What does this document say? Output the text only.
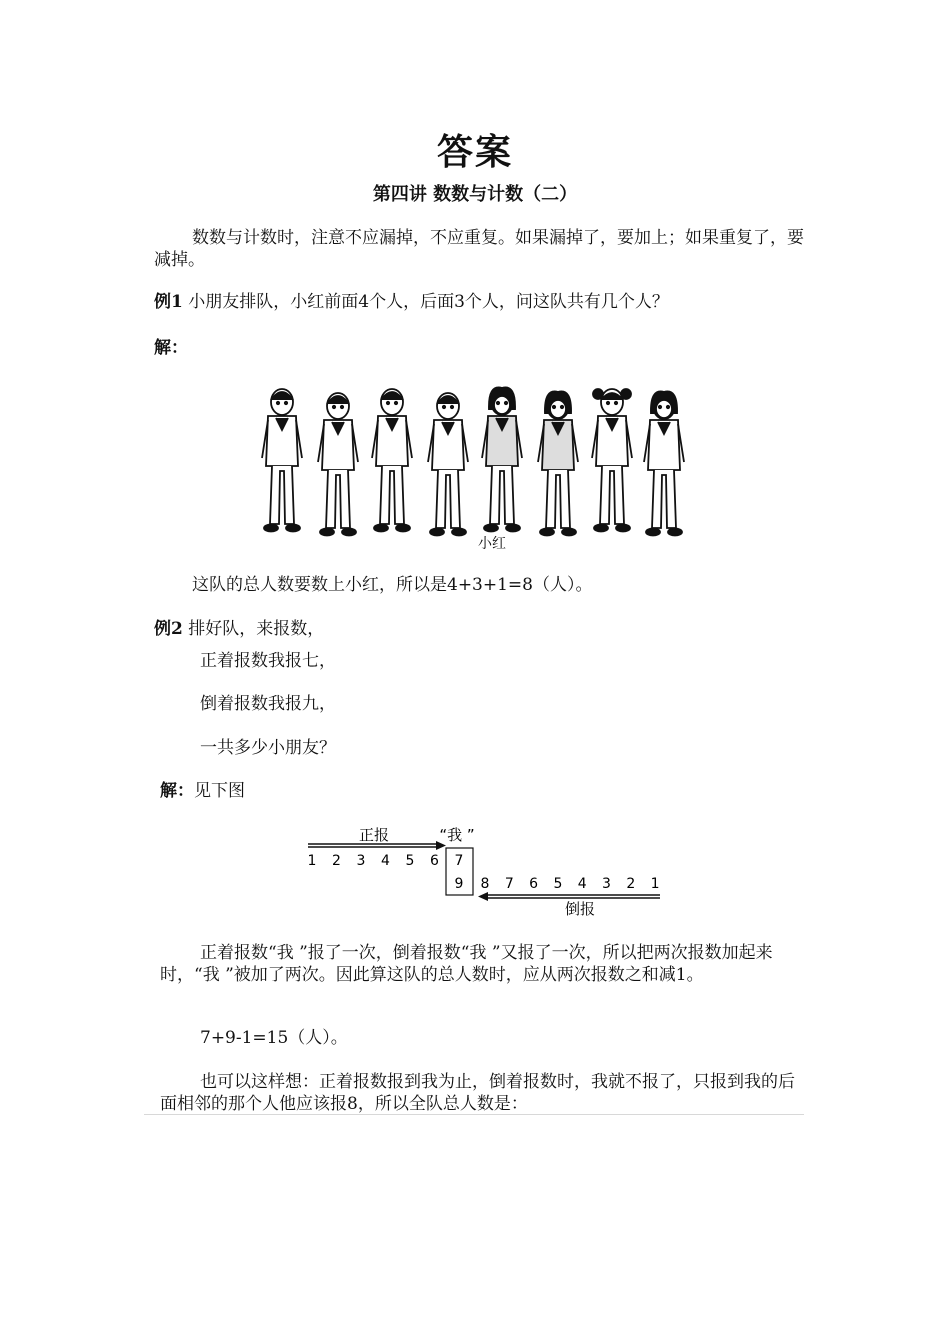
答案
第四讲 数数与计数（二）
数数与计数时，注意不应漏掉，不应重复。如果漏掉了，要加上；如果重复了，要减掉。
例1 小朋友排队，小红前面4个人，后面3个人，问这队共有几个人？
解：
小红
这队的总人数要数上小红，所以是4+3+1=8（人）。
例2 排好队，来报数，
正着报数我报七，
倒着报数我报九，
一共多少小朋友？
解：见下图
正报	“我 ”
1 2 3 4 5 6 7
9 8 7 6 5 4 3 2 1
倒报
正着报数“我 ”报了一次，倒着报数“我 ”又报了一次，所以把两次报数加起来时，“我 ”被加了两次。因此算这队的总人数时，应从两次报数之和减1。
7+9-1=15（人）。
也可以这样想：正着报数报到我为止，倒着报数时，我就不报了，只报到我的后面相邻的那个人他应该报8，所以全队总人数是：
